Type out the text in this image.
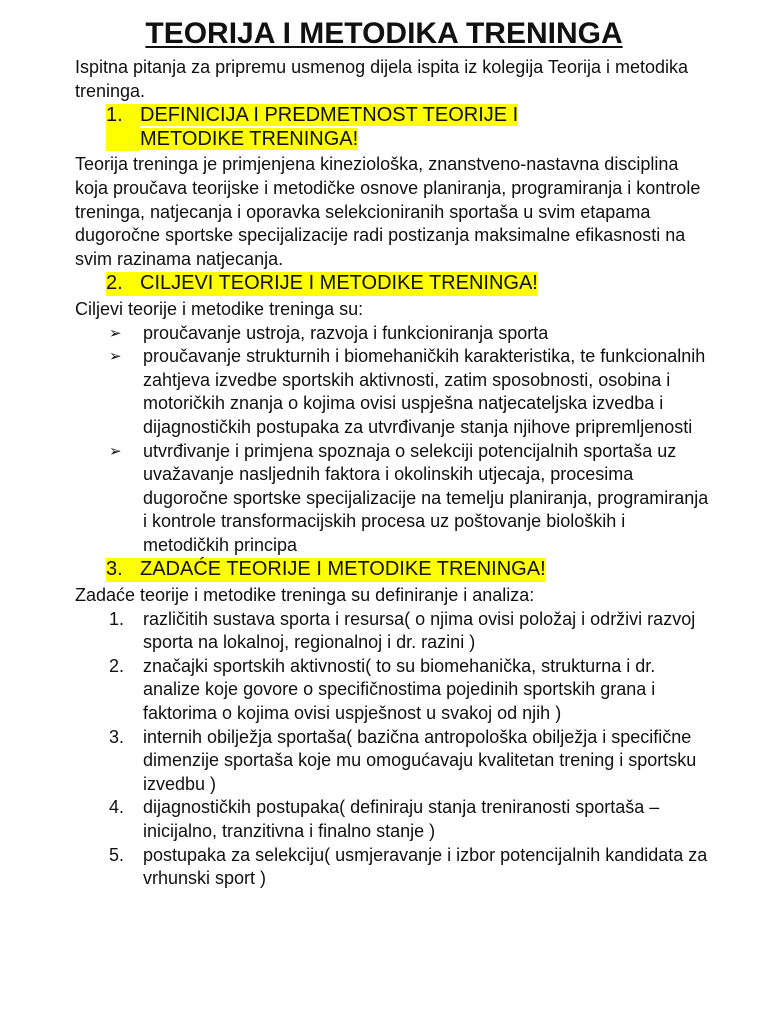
TEORIJA I METODIKA TRENINGA

Ispitna pitanja za pripremu usmenog dijela ispita iz kolegija Teorija i metodika treninga.

1. DEFINICIJA I PREDMETNOST TEORIJE I
METODIKE TRENINGA!

Teorija treninga je primjenjena kineziološka, znanstveno-nastavna disciplina koja proučava teorijske i metodičke osnove planiranja, programiranja i kontrole treninga, natjecanja i oporavka selekcioniranih sportaša u svim etapama dugoročne sportske specijalizacije radi postizanja maksimalne efikasnosti na svim razinama natjecanja.

2. CILJEVI TEORIJE I METODIKE TRENINGA!

Ciljevi teorije i metodike treninga su:

➢	proučavanje ustroja, razvoja i funkcioniranja sporta
➢	proučavanje strukturnih i biomehaničkih karakteristika, te funkcionalnih zahtjeva izvedbe sportskih aktivnosti, zatim sposobnosti, osobina i motoričkih znanja o kojima ovisi uspješna natjecateljska izvedba i dijagnostičkih postupaka za utvrđivanje stanja njihove pripremljenosti
➢	utvrđivanje i primjena spoznaja o selekciji potencijalnih sportaša uz uvažavanje nasljednih faktora i okolinskih utjecaja, procesima dugoročne sportske specijalizacije na temelju planiranja, programiranja i kontrole transformacijskih procesa uz poštovanje bioloških i metodičkih principa
3. ZADAĆE TEORIJE I METODIKE TRENINGA!

Zadaće teorije i metodike treninga su definiranje i analiza:

1.	različitih sustava sporta i resursa( o njima ovisi položaj i održivi razvoj sporta na lokalnoj, regionalnoj i dr. razini )
2.	značajki sportskih aktivnosti( to su biomehanička, strukturna i dr. analize koje govore o specifičnostima pojedinih sportskih grana i faktorima o kojima ovisi uspješnost u svakoj od njih )
3.	internih obilježja sportaša( bazična antropološka obilježja i specifične dimenzije sportaša koje mu omogućavaju kvalitetan trening i sportsku izvedbu )
4.	dijagnostičkih postupaka( definiraju stanja treniranosti sportaša – inicijalno, tranzitivna i finalno stanje )
5.	postupaka za selekciju( usmjeravanje i izbor potencijalnih kandidata za vrhunski sport )
